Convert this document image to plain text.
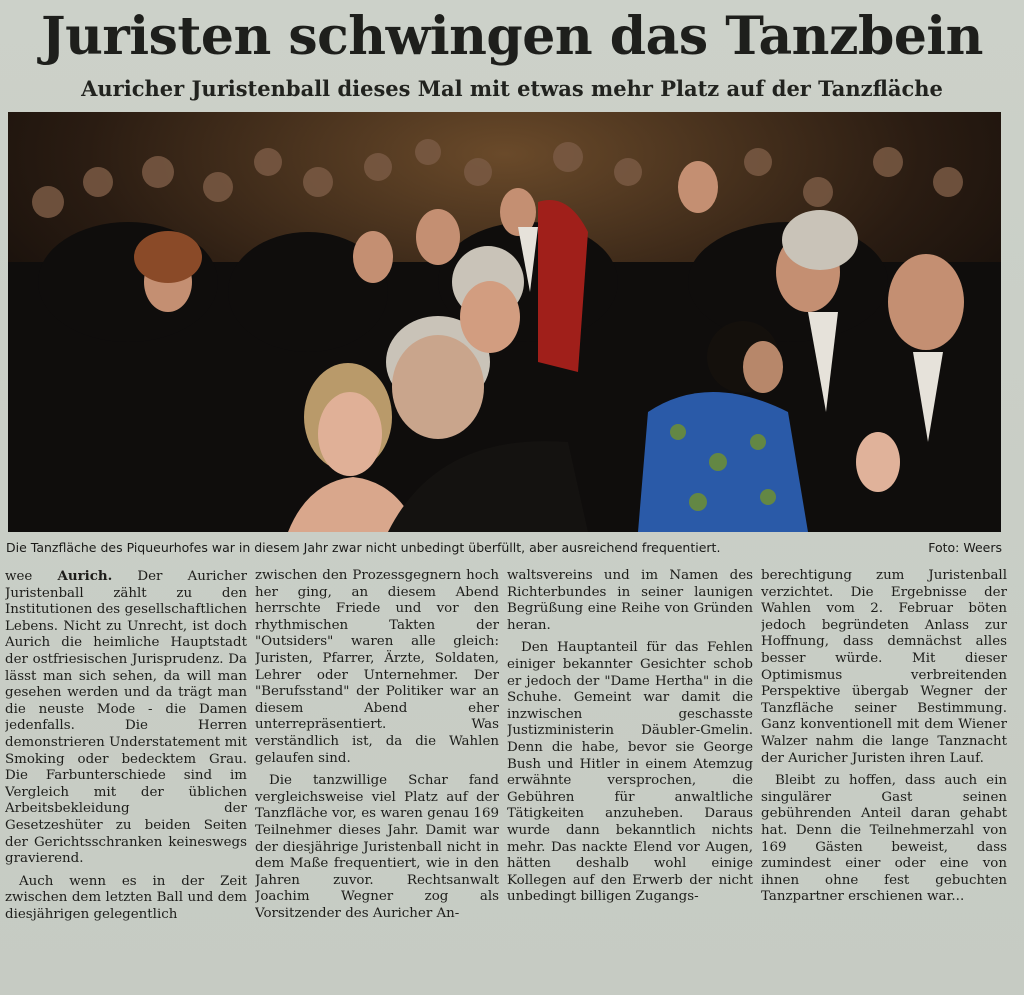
Juristen schwingen das Tanzbein
Auricher Juristenball dieses Mal mit etwas mehr Platz auf der Tanzfläche
Die Tanzfläche des Piqueurhofes war in diesem Jahr zwar nicht unbedingt überfüllt, aber ausreichend frequentiert.	Foto: Weers

wee Aurich. Der Auricher Juristenball zählt zu den Institutionen des gesellschaftlichen Lebens. Nicht zu Unrecht, ist doch Aurich die heimliche Hauptstadt der ostfriesischen Jurisprudenz. Da lässt man sich sehen, da will man gesehen werden und da trägt man die neuste Mode - die Damen jedenfalls. Die Herren demonstrieren Understatement mit Smoking oder bedecktem Grau. Die Farbunterschiede sind im Vergleich mit der üblichen Arbeitsbekleidung der Gesetzeshüter zu beiden Seiten der Gerichtsschranken keineswegs gravierend.

Auch wenn es in der Zeit zwischen dem letzten Ball und dem diesjährigen gelegentlich

zwischen den Prozessgegnern hoch her ging, an diesem Abend herrschte Friede und vor den rhythmischen Takten der "Outsiders" waren alle gleich: Juristen, Pfarrer, Ärzte, Soldaten, Lehrer oder Unternehmer. Der "Berufsstand" der Politiker war an diesem Abend eher unterrepräsentiert. Was verständlich ist, da die Wahlen gelaufen sind.

Die tanzwillige Schar fand vergleichsweise viel Platz auf der Tanzfläche vor, es waren genau 169 Teilnehmer dieses Jahr. Damit war der diesjährige Juristenball nicht in dem Maße frequentiert, wie in den Jahren zuvor. Rechtsanwalt Joachim Wegner zog als Vorsitzender des Auricher An-

waltsvereins und im Namen des Richterbundes in seiner launigen Begrüßung eine Reihe von Gründen heran.

Den Hauptanteil für das Fehlen einiger bekannter Gesichter schob er jedoch der "Dame Hertha" in die Schuhe. Gemeint war damit die inzwischen geschasste Justizministerin Däubler-Gmelin. Denn die habe, bevor sie George Bush und Hitler in einem Atemzug erwähnte versprochen, die Gebühren für anwaltliche Tätigkeiten anzuheben. Daraus wurde dann bekanntlich nichts mehr. Das nackte Elend vor Augen, hätten deshalb wohl einige Kollegen auf den Erwerb der nicht unbedingt billigen Zugangs-

berechtigung zum Juristenball verzichtet. Die Ergebnisse der Wahlen vom 2. Februar böten jedoch begründeten Anlass zur Hoffnung, dass demnächst alles besser würde. Mit dieser Optimismus verbreitenden Perspektive übergab Wegner der Tanzfläche seiner Bestimmung. Ganz konventionell mit dem Wiener Walzer nahm die lange Tanznacht der Auricher Juristen ihren Lauf.

Bleibt zu hoffen, dass auch ein singulärer Gast seinen gebührenden Anteil daran gehabt hat. Denn die Teilnehmerzahl von 169 Gästen beweist, dass zumindest einer oder eine von ihnen ohne fest gebuchten Tanzpartner erschienen war...
